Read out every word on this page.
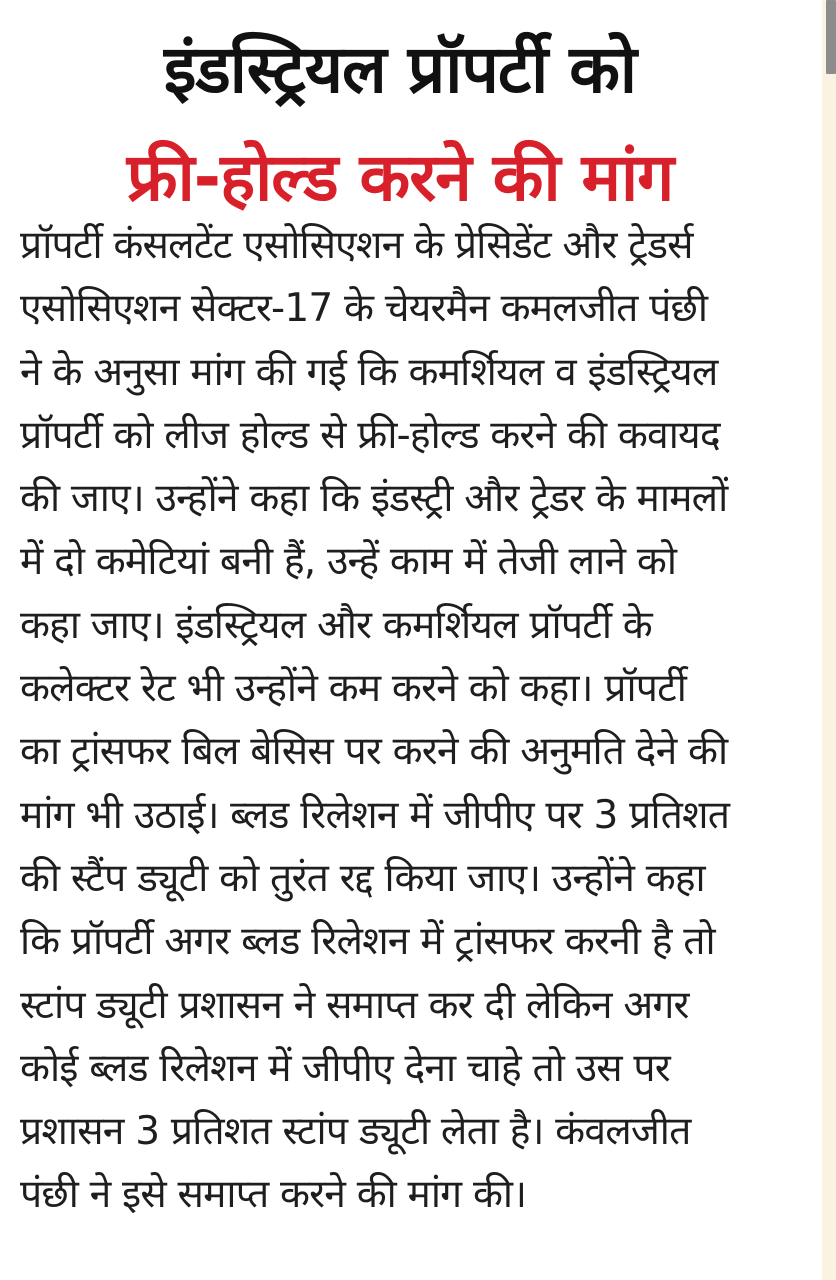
इंडस्ट्रियल प्रॉपर्टी को
फ्री-होल्ड करने की मांग
प्रॉपर्टी कंसलटेंट एसोसिएशन के प्रेसिडेंट और ट्रेडर्स
एसोसिएशन सेक्टर-17 के चेयरमैन कमलजीत पंछी
ने के अनुसा मांग की गई कि कमर्शियल व इंडस्ट्रियल
प्रॉपर्टी को लीज होल्ड से फ्री-होल्ड करने की कवायद
की जाए। उन्होंने कहा कि इंडस्ट्री और ट्रेडर के मामलों
में दो कमेटियां बनी हैं, उन्हें काम में तेजी लाने को
कहा जाए। इंडस्ट्रियल और कमर्शियल प्रॉपर्टी के
कलेक्टर रेट भी उन्होंने कम करने को कहा। प्रॉपर्टी
का ट्रांसफर बिल बेसिस पर करने की अनुमति देने की
मांग भी उठाई। ब्लड रिलेशन में जीपीए पर 3 प्रतिशत
की स्टैंप ड्यूटी को तुरंत रद्द किया जाए। उन्होंने कहा
कि प्रॉपर्टी अगर ब्लड रिलेशन में ट्रांसफर करनी है तो
स्टांप ड्यूटी प्रशासन ने समाप्त कर दी लेकिन अगर
कोई ब्लड रिलेशन में जीपीए देना चाहे तो उस पर
प्रशासन 3 प्रतिशत स्टांप ड्यूटी लेता है। कंवलजीत
पंछी ने इसे समाप्त करने की मांग की।
